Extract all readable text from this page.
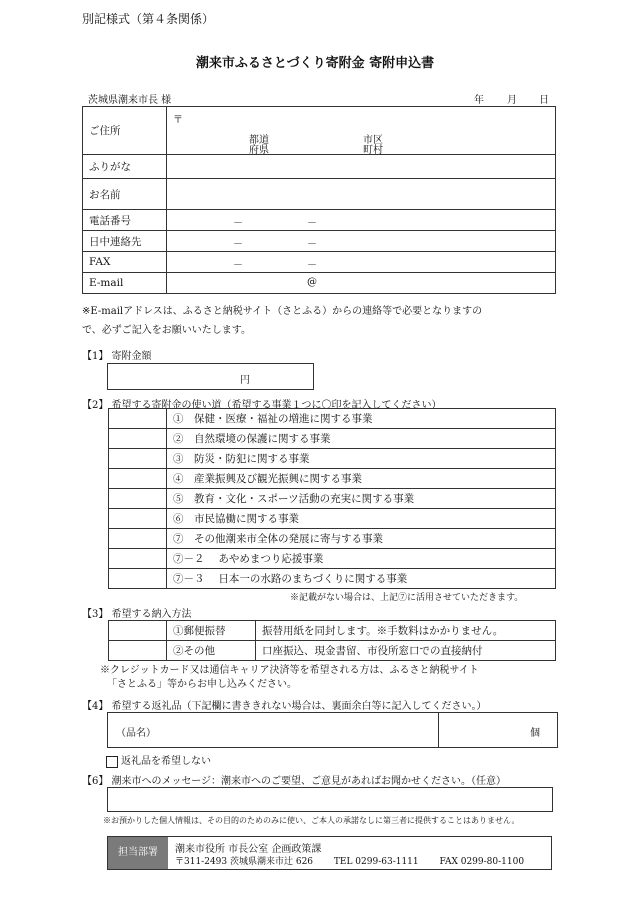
別記様式（第４条関係）
潮来市ふるさとづくり寄附金 寄附申込書
茨城県潮来市長 様	年 月 日
ご住所	〒
都道
府県
市区
町村

ふりがな	
お名前	
電話番号	－ －

日中連絡先	－ －

FAX	－ －

E-mail	@
※E-mailアドレスは、ふるさと納税サイト（さとふる）からの連絡等で必要となりますの
で、必ずご記入をお願いいたします。
【1】 寄附金額
円
【2】 希望する寄附金の使い道（希望する事業１つに〇印を記入してください）
	①　保健・医療・福祉の増進に関する事業
	②　自然環境の保護に関する事業
	③　防災・防犯に関する事業
	④　産業振興及び観光振興に関する事業
	⑤　教育・文化・スポーツ活動の充実に関する事業
	⑥　市民協働に関する事業
	⑦　その他潮来市全体の発展に寄与する事業
	⑦－２　 あやめまつり応援事業
	⑦－３　 日本一の水路のまちづくりに関する事業
※記載がない場合は、上記⑦に活用させていただきます。
【3】 希望する納入方法
	①郵便振替	振替用紙を同封します。※手数料はかかりません。
	②その他	口座振込、現金書留、市役所窓口での直接納付
※クレジットカード又は通信キャリア決済等を希望される方は、ふるさと納税サイト
「さとふる」等からお申し込みください。
【4】 希望する返礼品（下記欄に書ききれない場合は、裏面余白等に記入してください。）
（品名）	個
返礼品を希望しない
【6】 潮来市へのメッセージ：潮来市へのご要望、ご意見があればお聞かせください。（任意）
※お預かりした個人情報は、その目的のためのみに使い、ご本人の承諾なしに第三者に提供することはありません。
担当部署	潮来市役所 市長公室 企画政策課
〒311-2493 茨城県潮来市辻 626　　 TEL 0299-63-1111　　 FAX 0299-80-1100
